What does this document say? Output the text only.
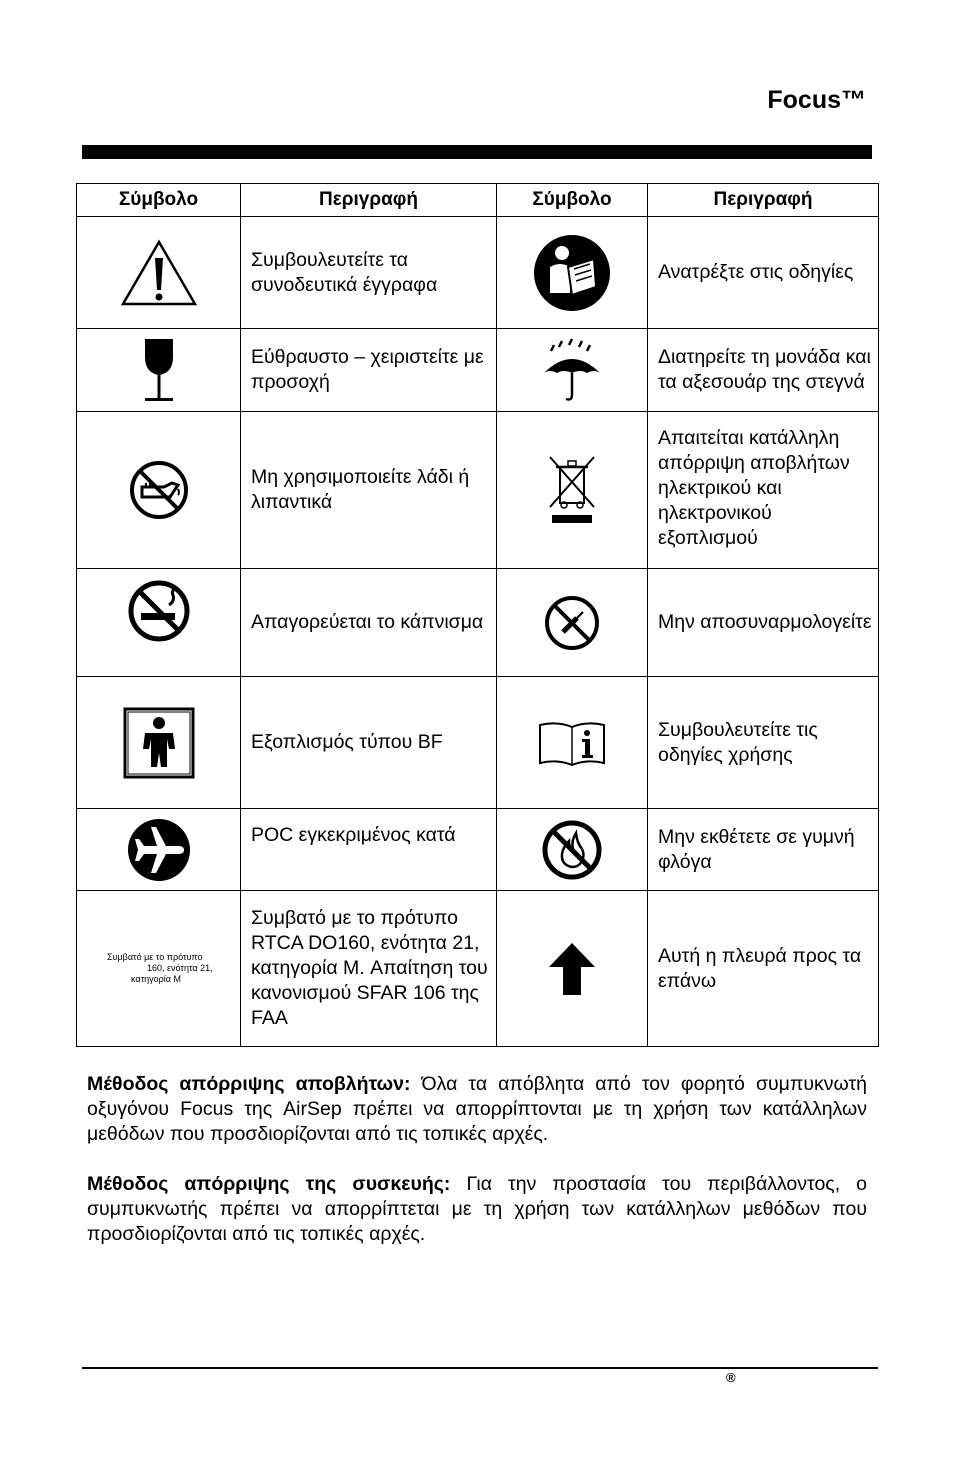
Focus™
Σύμβολο	Περιγραφή	Σύμβολο	Περιγραφή

	Συμβουλευτείτε τα συνοδευτικά έγγραφα		Ανατρέξτε στις οδηγίες

	Εύθραυστο – χειριστείτε με προσοχή		Διατηρείτε τη μονάδα και τα αξεσουάρ της στεγνά

	Μη χρησιμοποιείτε λάδι ή λιπαντικά		Απαιτείται κατάλληλη απόρριψη αποβλήτων ηλεκτρικού και ηλεκτρονικού εξοπλισμού

	Απαγορεύεται το κάπνισμα		Μην αποσυναρμολογείτε

	Εξοπλισμός τύπου BF		Συμβουλευτείτε τις οδηγίες χρήσης

	POC εγκεκριμένος κατά		Μην εκθέτετε σε γυμνή φλόγα

Συμβατό με το πρότυπο
160, ενότητα 21,
κατηγορία M	Συμβατό με το πρότυπο RTCA DO160, ενότητα 21, κατηγορία M. Απαίτηση του κανονισμού SFAR 106 της FAA		Αυτή η πλευρά προς τα επάνω

Μέθοδος απόρριψης αποβλήτων: Όλα τα απόβλητα από τον φορητό συμπυκνωτή οξυγόνου Focus της AirSep πρέπει να απορρίπτονται με τη χρήση των κατάλληλων μεθόδων που προσδιορίζονται από τις τοπικές αρχές.

Μέθοδος απόρριψης της συσκευής: Για την προστασία του περιβάλλοντος, ο συμπυκνωτής πρέπει να απορρίπτεται με τη χρήση των κατάλληλων μεθόδων που προσδιορίζονται από τις τοπικές αρχές.

®
